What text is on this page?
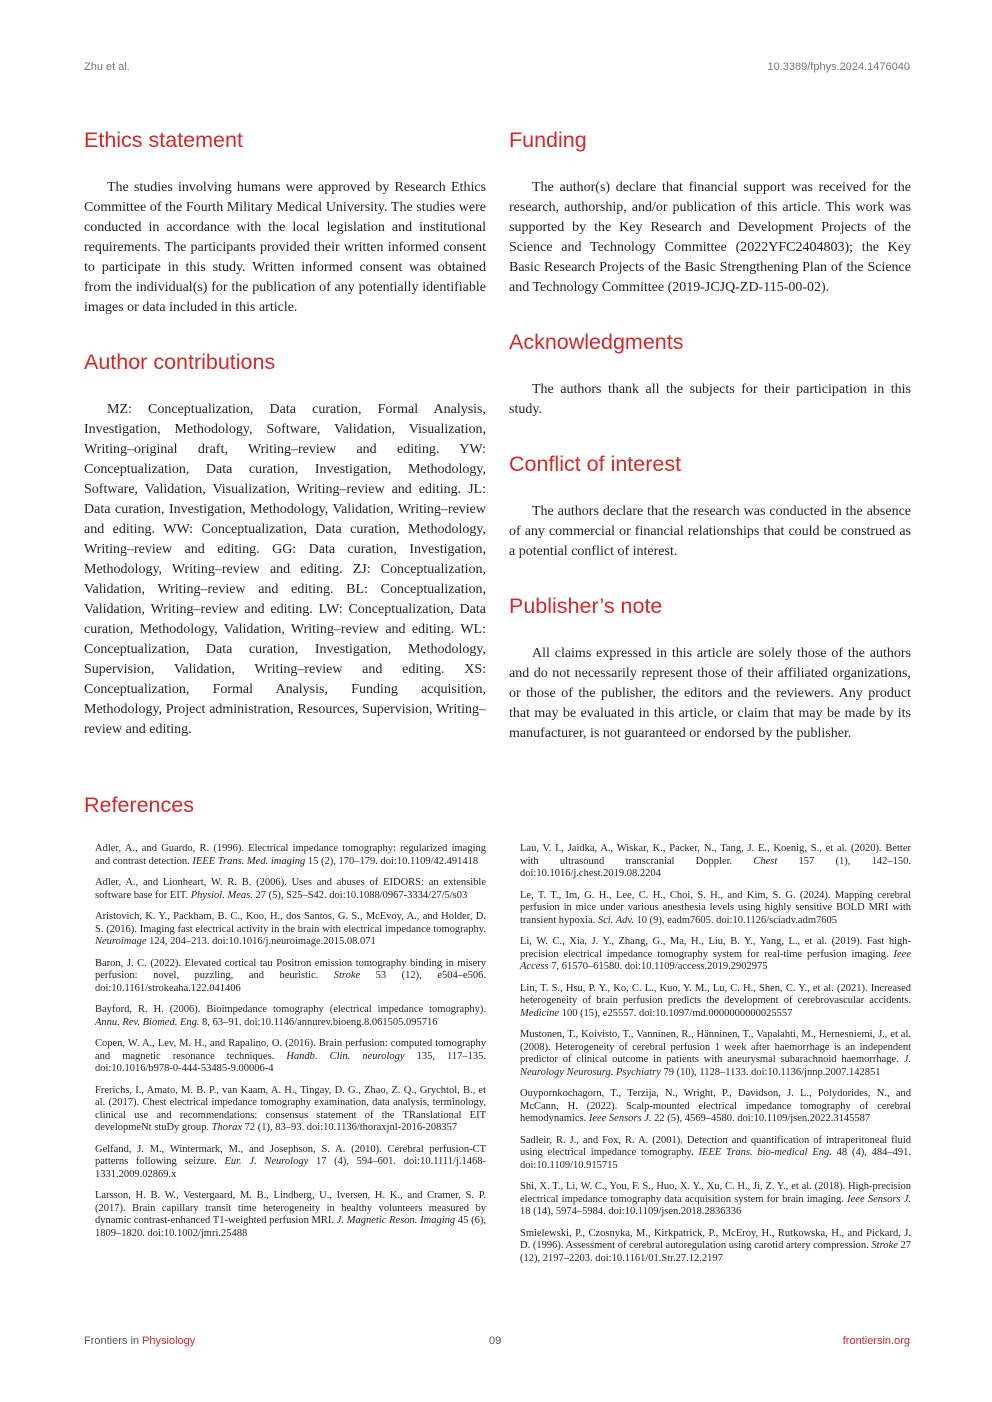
Zhu et al.	10.3389/fphys.2024.1476040
Ethics statement

The studies involving humans were approved by Research Ethics Committee of the Fourth Military Medical University. The studies were conducted in accordance with the local legislation and institutional requirements. The participants provided their written informed consent to participate in this study. Written informed consent was obtained from the individual(s) for the publication of any potentially identifiable images or data included in this article.

Author contributions

MZ: Conceptualization, Data curation, Formal Analysis, Investigation, Methodology, Software, Validation, Visualization, Writing–original draft, Writing–review and editing. YW: Conceptualization, Data curation, Investigation, Methodology, Software, Validation, Visualization, Writing–review and editing. JL: Data curation, Investigation, Methodology, Validation, Writing–review and editing. WW: Conceptualization, Data curation, Methodology, Writing–review and editing. GG: Data curation, Investigation, Methodology, Writing–review and editing. ZJ: Conceptualization, Validation, Writing–review and editing. BL: Conceptualization, Validation, Writing–review and editing. LW: Conceptualization, Data curation, Methodology, Validation, Writing–review and editing. WL: Conceptualization, Data curation, Investigation, Methodology, Supervision, Validation, Writing–review and editing. XS: Conceptualization, Formal Analysis, Funding acquisition, Methodology, Project administration, Resources, Supervision, Writing–review and editing.

Funding

The author(s) declare that financial support was received for the research, authorship, and/or publication of this article. This work was supported by the Key Research and Development Projects of the Science and Technology Committee (2022YFC2404803); the Key Basic Research Projects of the Basic Strengthening Plan of the Science and Technology Committee (2019-JCJQ-ZD-115-00-02).

Acknowledgments

The authors thank all the subjects for their participation in this study.

Conflict of interest

The authors declare that the research was conducted in the absence of any commercial or financial relationships that could be construed as a potential conflict of interest.

Publisher’s note

All claims expressed in this article are solely those of the authors and do not necessarily represent those of their affiliated organizations, or those of the publisher, the editors and the reviewers. Any product that may be evaluated in this article, or claim that may be made by its manufacturer, is not guaranteed or endorsed by the publisher.

References

Adler, A., and Guardo, R. (1996). Electrical impedance tomography: regularized imaging and contrast detection. IEEE Trans. Med. imaging 15 (2), 170–179. doi:10.1109/42.491418

Adler, A., and Lionheart, W. R. B. (2006). Uses and abuses of EIDORS: an extensible software base for EIT. Physiol. Meas. 27 (5), S25–S42. doi:10.1088/0967-3334/27/5/s03

Aristovich, K. Y., Packham, B. C., Koo, H., dos Santos, G. S., McEvoy, A., and Holder, D. S. (2016). Imaging fast electrical activity in the brain with electrical impedance tomography. Neuroimage 124, 204–213. doi:10.1016/j.neuroimage.2015.08.071

Baron, J. C. (2022). Elevated cortical tau Positron emission tomography binding in misery perfusion: novel, puzzling, and heuristic. Stroke 53 (12), e504–e506. doi:10.1161/strokeaha.122.041406

Bayford, R. H. (2006). Bioimpedance tomography (electrical impedance tomography). Annu. Rev. Biomed. Eng. 8, 63–91. doi:10.1146/annurev.bioeng.8.061505.095716

Copen, W. A., Lev, M. H., and Rapalino, O. (2016). Brain perfusion: computed tomography and magnetic resonance techniques. Handb. Clin. neurology 135, 117–135. doi:10.1016/b978-0-444-53485-9.00006-4

Frerichs, I., Amato, M. B. P., van Kaam, A. H., Tingay, D. G., Zhao, Z. Q., Grychtol, B., et al. (2017). Chest electrical impedance tomography examination, data analysis, terminology, clinical use and recommendations: consensus statement of the TRanslational EIT developmeNt stuDy group. Thorax 72 (1), 83–93. doi:10.1136/thoraxjnl-2016-208357

Gelfand, J. M., Wintermark, M., and Josephson, S. A. (2010). Cerebral perfusion-CT patterns following seizure. Eur. J. Neurology 17 (4), 594–601. doi:10.1111/j.1468-1331.2009.02869.x

Larsson, H. B. W., Vestergaard, M. B., Lindberg, U., Iversen, H. K., and Cramer, S. P. (2017). Brain capillary transit time heterogeneity in healthy volunteers measured by dynamic contrast-enhanced T1-weighted perfusion MRI. J. Magnetic Reson. Imaging 45 (6), 1809–1820. doi:10.1002/jmri.25488

Lau, V. I., Jaidka, A., Wiskar, K., Packer, N., Tang, J. E., Koenig, S., et al. (2020). Better with ultrasound transcranial Doppler. Chest 157 (1), 142–150. doi:10.1016/j.chest.2019.08.2204

Le, T. T., Im, G. H., Lee, C. H., Choi, S. H., and Kim, S. G. (2024). Mapping cerebral perfusion in mice under various anesthesia levels using highly sensitive BOLD MRI with transient hypoxia. Sci. Adv. 10 (9), eadm7605. doi:10.1126/sciadv.adm7605

Li, W. C., Xia, J. Y., Zhang, G., Ma, H., Liu, B. Y., Yang, L., et al. (2019). Fast high-precision electrical impedance tomography system for real-time perfusion imaging. Ieee Access 7, 61570–61580. doi:10.1109/access.2019.2902975

Lin, T. S., Hsu, P. Y., Ko, C. L., Kuo, Y. M., Lu, C. H., Shen, C. Y., et al. (2021). Increased heterogeneity of brain perfusion predicts the development of cerebrovascular accidents. Medicine 100 (15), e25557. doi:10.1097/md.0000000000025557

Mustonen, T., Koivisto, T., Vanninen, R., Hänninen, T., Vapalahti, M., Hernesniemi, J., et al. (2008). Heterogeneity of cerebral perfusion 1 week after haemorrhage is an independent predictor of clinical outcome in patients with aneurysmal subarachnoid haemorrhage. J. Neurology Neurosurg. Psychiatry 79 (10), 1128–1133. doi:10.1136/jnnp.2007.142851

Ouypornkochagorn, T., Terzija, N., Wright, P., Davidson, J. L., Polydorides, N., and McCann, H. (2022). Scalp-mounted electrical impedance tomography of cerebral hemodynamics. Ieee Sensors J. 22 (5), 4569–4580. doi:10.1109/jsen.2022.3145587

Sadleir, R. J., and Fox, R. A. (2001). Detection and quantification of intraperitoneal fluid using electrical impedance tomography. IEEE Trans. bio-medical Eng. 48 (4), 484–491. doi:10.1109/10.915715

Shi, X. T., Li, W. C., You, F. S., Huo, X. Y., Xu, C. H., Ji, Z. Y., et al. (2018). High-precision electrical impedance tomography data acquisition system for brain imaging. Ieee Sensors J. 18 (14), 5974–5984. doi:10.1109/jsen.2018.2836336

Smielewski, P., Czosnyka, M., Kirkpatrick, P., McEroy, H., Rutkowska, H., and Pickard, J. D. (1996). Assessment of cerebral autoregulation using carotid artery compression. Stroke 27 (12), 2197–2203. doi:10.1161/01.Str.27.12.2197

Frontiers in Physiology	09	frontiersin.org
